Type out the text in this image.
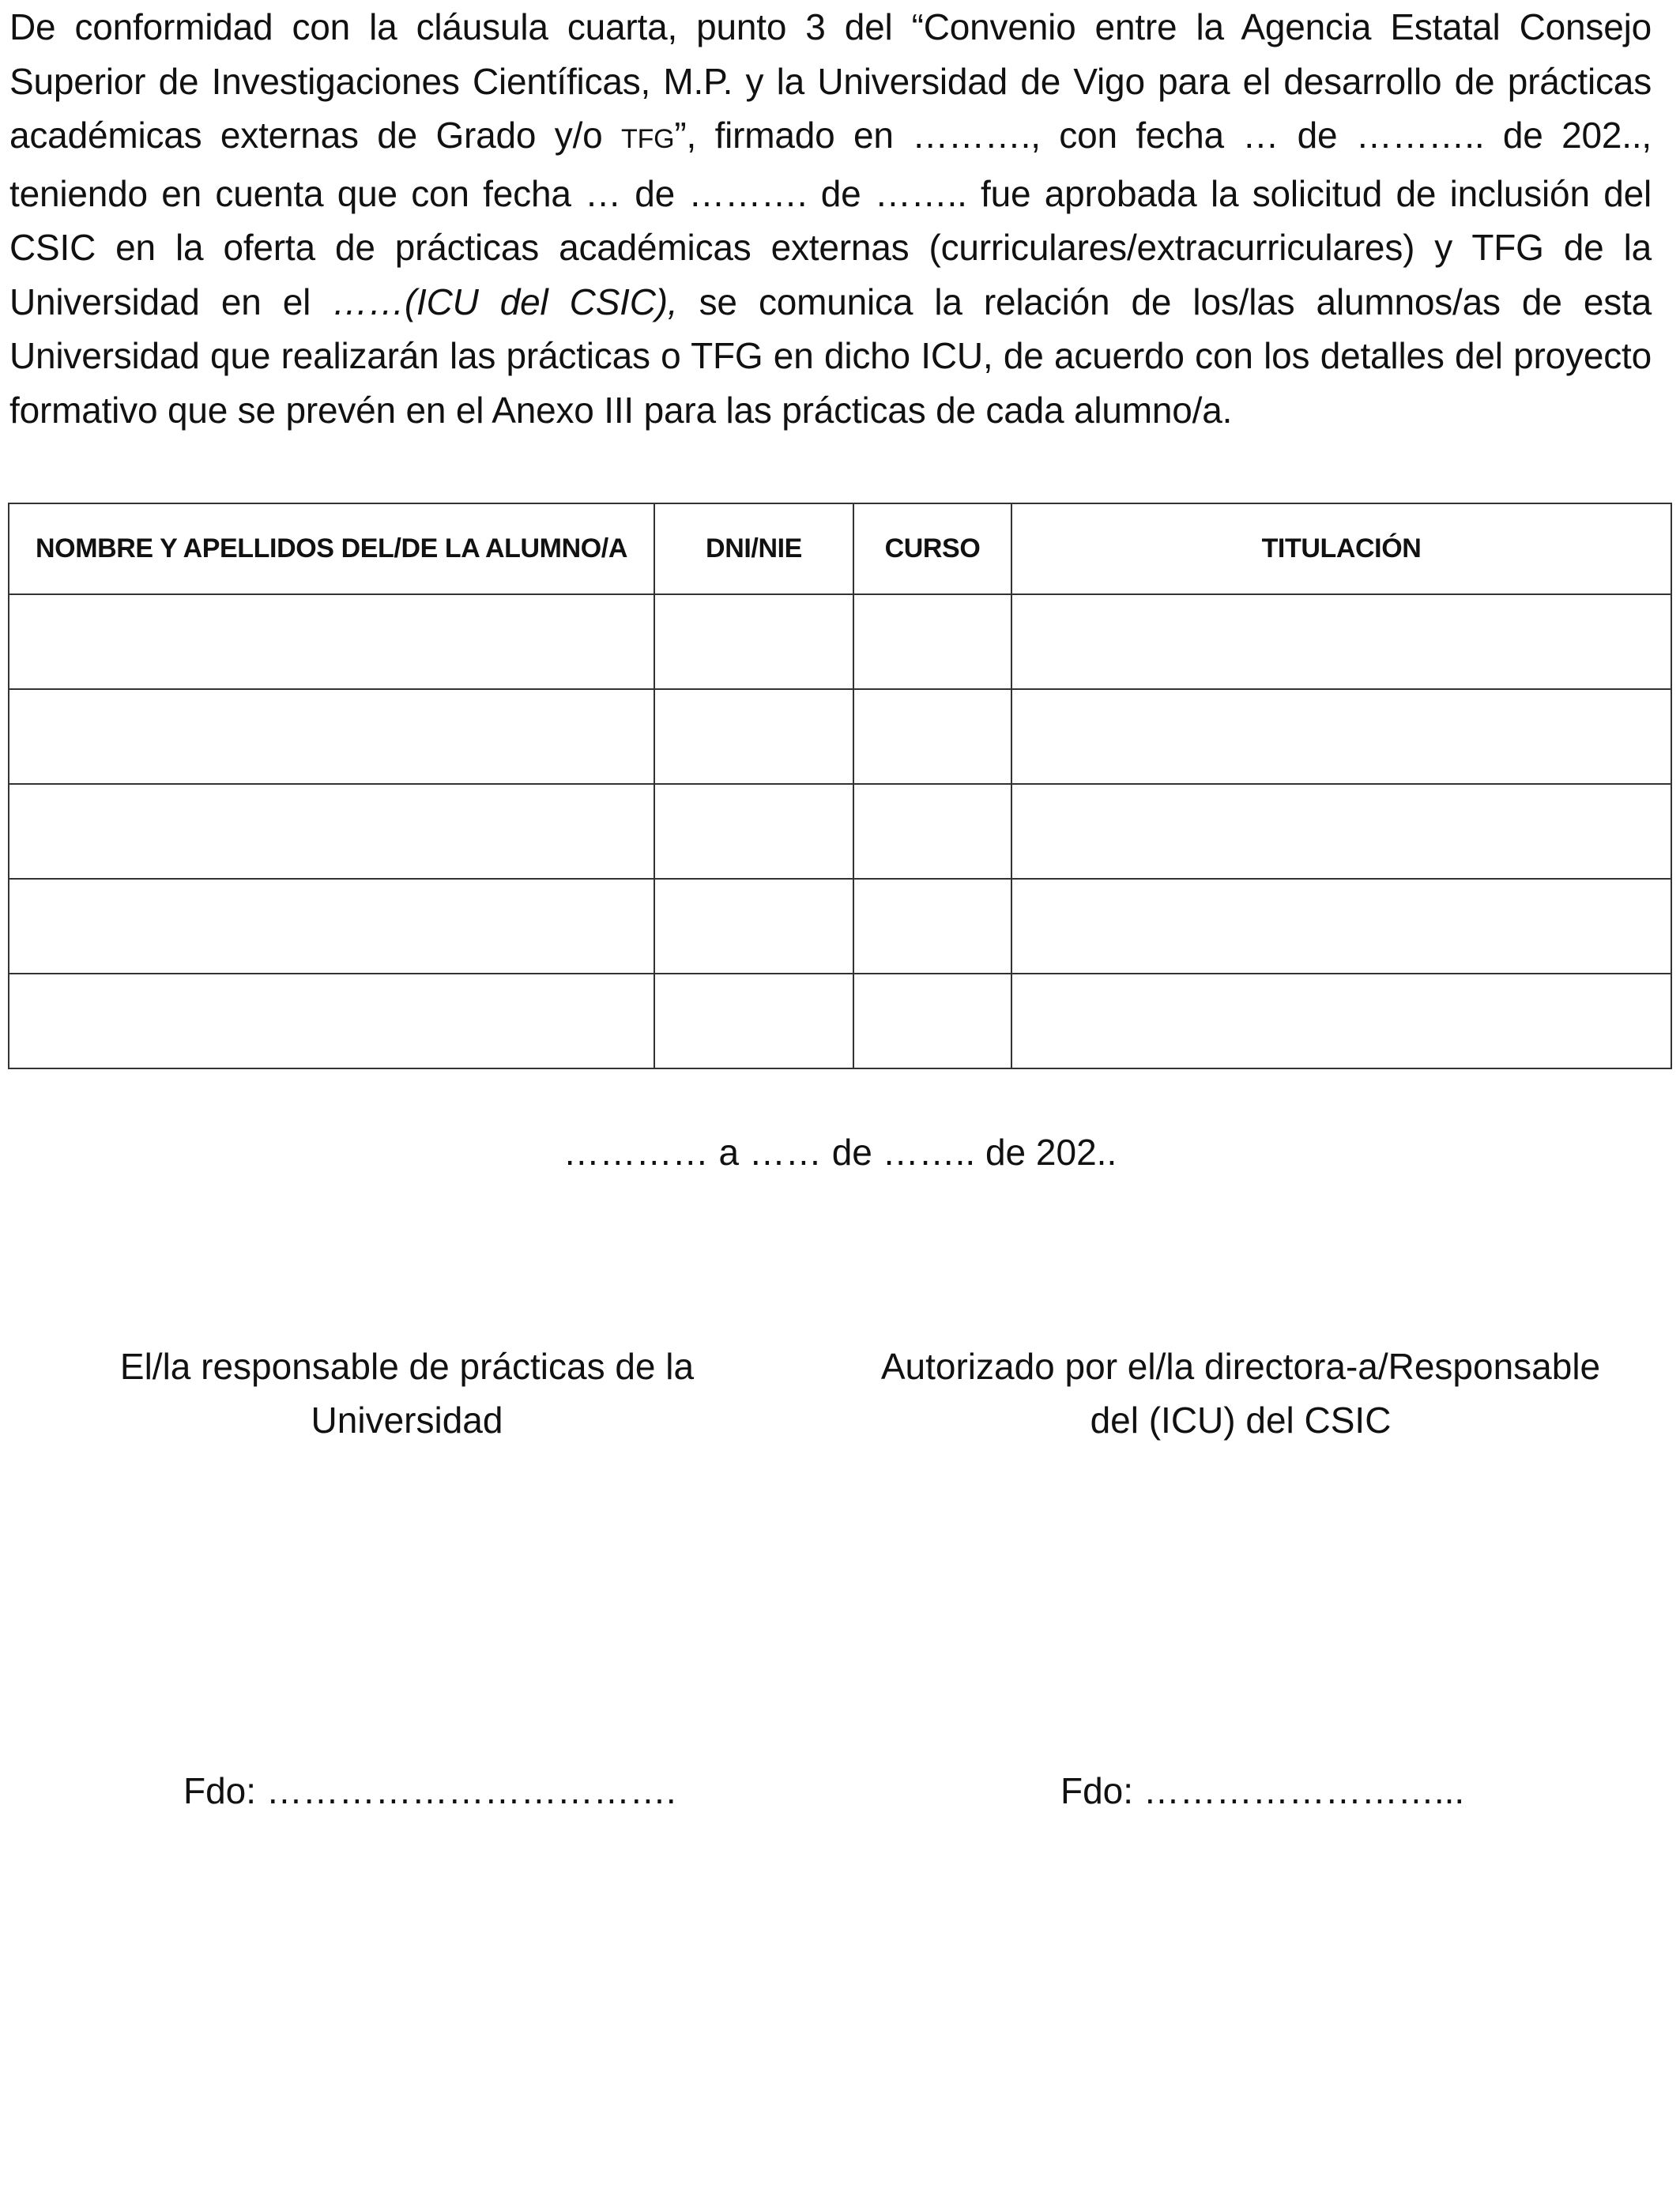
De conformidad con la cláusula cuarta, punto 3 del “Convenio entre la Agencia Estatal Consejo Superior de Investigaciones Científicas, M.P. y la Universidad de Vigo para el desarrollo de prácticas académicas externas de Grado y/o TFG”, firmado en ………., con fecha … de ……….. de 202.., teniendo en cuenta que con fecha … de ………. de …….. fue aprobada la solicitud de inclusión del CSIC en la oferta de prácticas académicas externas (curriculares/extracurriculares) y TFG de la Universidad en el ……(ICU del CSIC), se comunica la relación de los/las alumnos/as de esta Universidad que realizarán las prácticas o TFG en dicho ICU, de acuerdo con los detalles del proyecto formativo que se prevén en el Anexo III para las prácticas de cada alumno/a.

NOMBRE Y APELLIDOS DEL/DE LA ALUMNO/A	DNI/NIE	CURSO	TITULACIÓN

………… a …… de …….. de 202..
El/la responsable de prácticas de la Universidad
Autorizado por el/la directora-a/Responsable
del (ICU) del CSIC
Fdo: …………………………….	Fdo: ……………………...
